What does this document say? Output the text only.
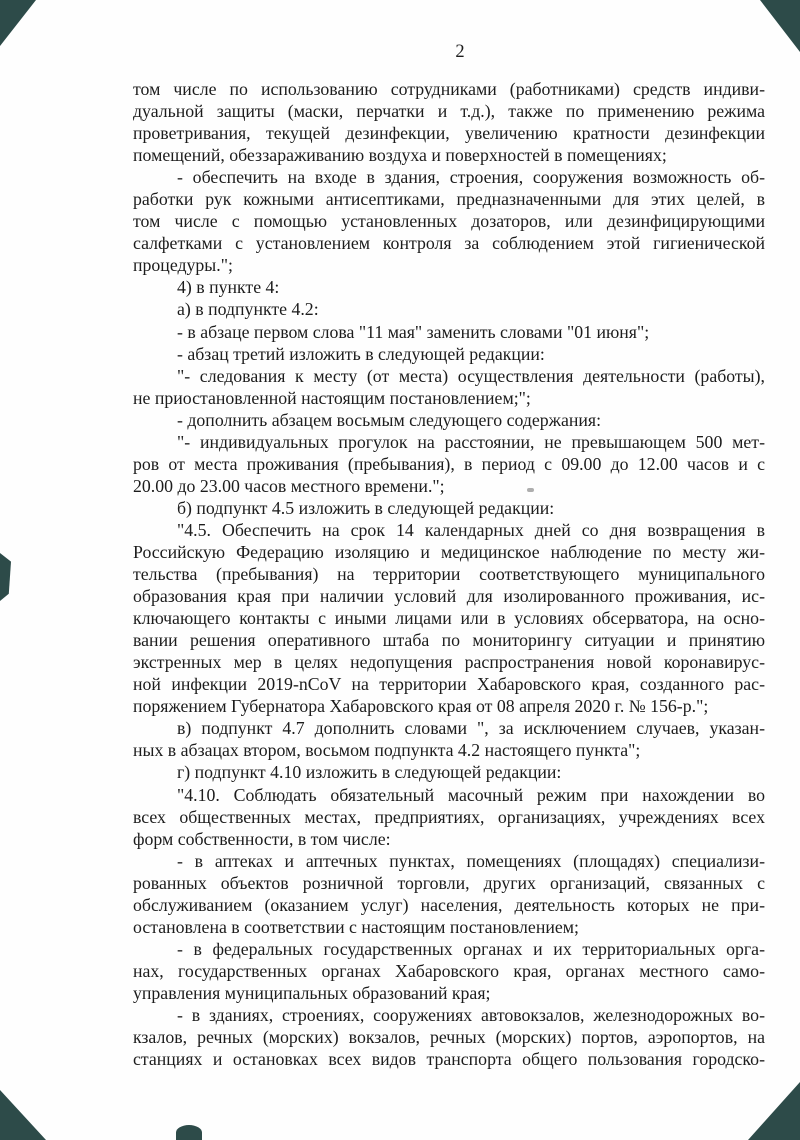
2
том числе по использованию сотрудниками (работниками) средств индиви-
дуальной защиты (маски, перчатки и т.д.), также по применению режима
проветривания, текущей дезинфекции, увеличению кратности дезинфекции
помещений, обеззараживанию воздуха и поверхностей в помещениях;
- обеспечить на входе в здания, строения, сооружения возможность об-
работки рук кожными антисептиками, предназначенными для этих целей, в
том числе с помощью установленных дозаторов, или дезинфицирующими
салфетками с установлением контроля за соблюдением этой гигиенической
процедуры.";
4) в пункте 4:
а) в подпункте 4.2:
- в абзаце первом слова "11 мая" заменить словами "01 июня";
- абзац третий изложить в следующей редакции:
"- следования к месту (от места) осуществления деятельности (работы),
не приостановленной настоящим постановлением;";
- дополнить абзацем восьмым следующего содержания:
"- индивидуальных прогулок на расстоянии, не превышающем 500 мет-
ров от места проживания (пребывания), в период с 09.00 до 12.00 часов и с
20.00 до 23.00 часов местного времени.";
б) подпункт 4.5 изложить в следующей редакции:
"4.5. Обеспечить на срок 14 календарных дней со дня возвращения в
Российскую Федерацию изоляцию и медицинское наблюдение по месту жи-
тельства (пребывания) на территории соответствующего муниципального
образования края при наличии условий для изолированного проживания, ис-
ключающего контакты с иными лицами или в условиях обсерватора, на осно-
вании решения оперативного штаба по мониторингу ситуации и принятию
экстренных мер в целях недопущения распространения новой коронавирус-
ной инфекции 2019-nCoV на территории Хабаровского края, созданного рас-
поряжением Губернатора Хабаровского края от 08 апреля 2020 г. № 156-р.";
в) подпункт 4.7 дополнить словами ", за исключением случаев, указан-
ных в абзацах втором, восьмом подпункта 4.2 настоящего пункта";
г) подпункт 4.10 изложить в следующей редакции:
"4.10. Соблюдать обязательный масочный режим при нахождении во
всех общественных местах, предприятиях, организациях, учреждениях всех
форм собственности, в том числе:
- в аптеках и аптечных пунктах, помещениях (площадях) специализи-
рованных объектов розничной торговли, других организаций, связанных с
обслуживанием (оказанием услуг) населения, деятельность которых не при-
остановлена в соответствии с настоящим постановлением;
- в федеральных государственных органах и их территориальных орга-
нах, государственных органах Хабаровского края, органах местного само-
управления муниципальных образований края;
- в зданиях, строениях, сооружениях автовокзалов, железнодорожных во-
кзалов, речных (морских) вокзалов, речных (морских) портов, аэропортов, на
станциях и остановках всех видов транспорта общего пользования городско-
